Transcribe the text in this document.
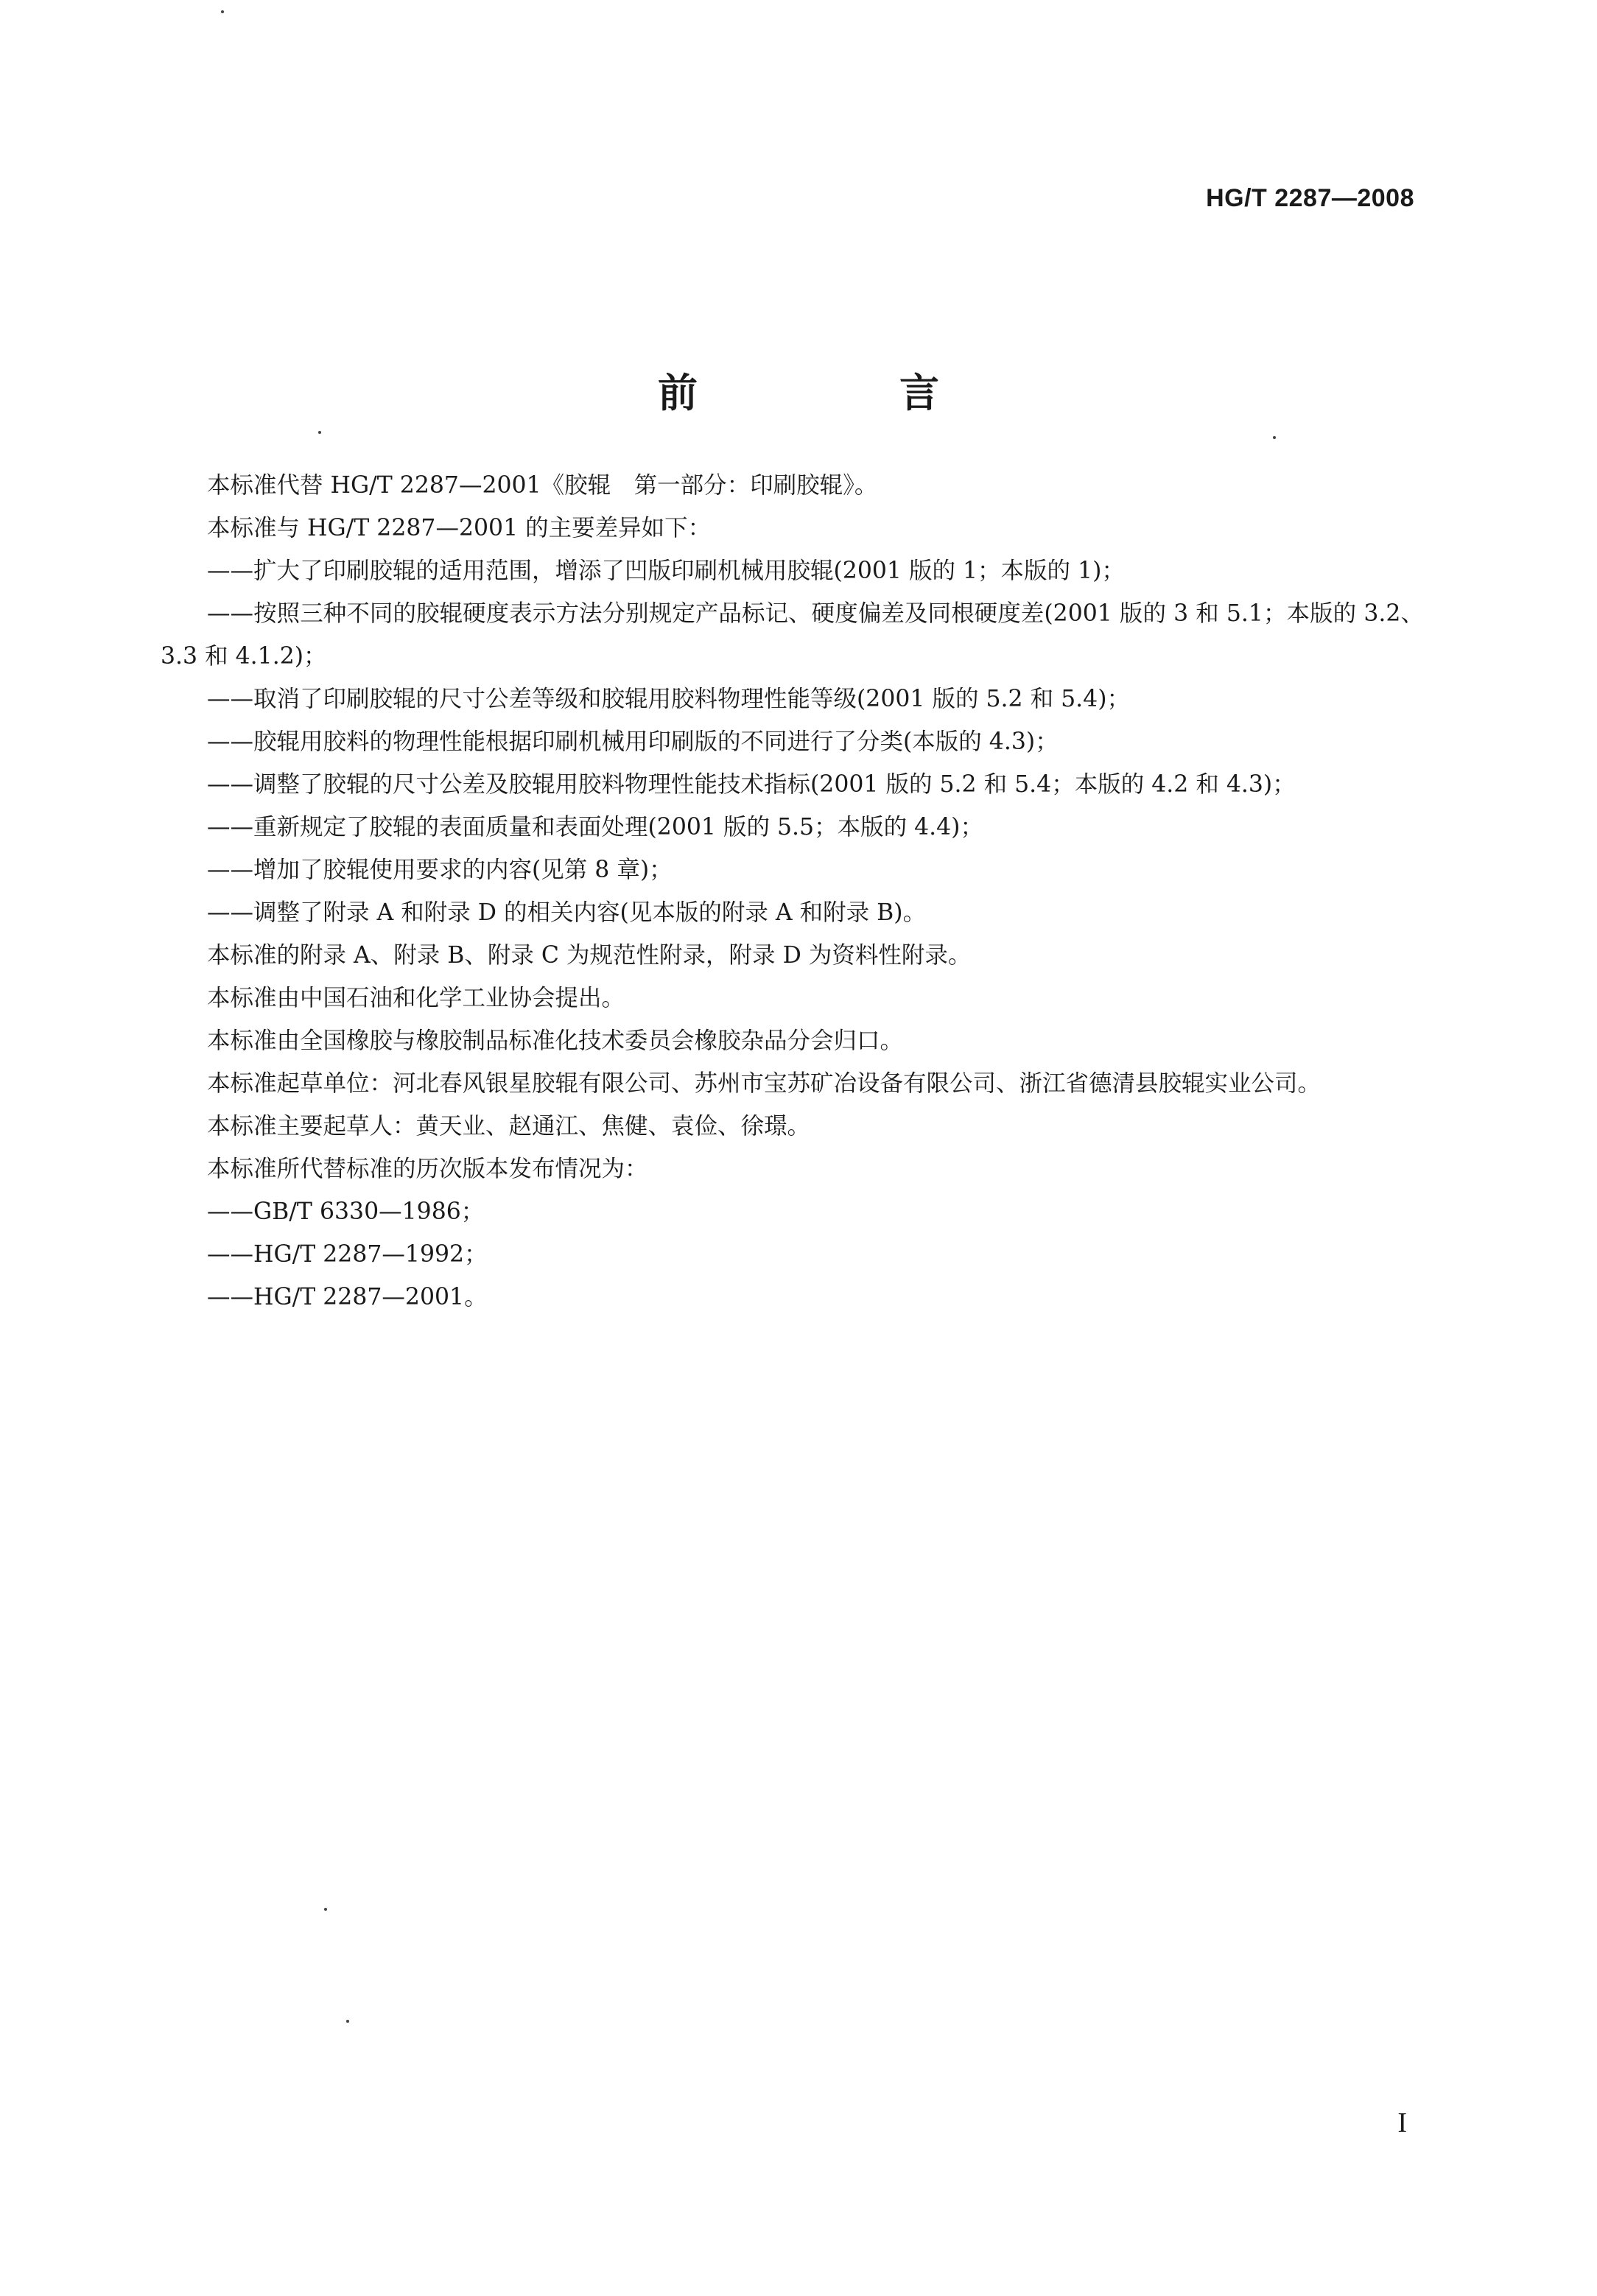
HG/T 2287—2008
前　言

本标准代替 HG/T 2287—2001《胶辊　第一部分：印刷胶辊》。

本标准与 HG/T 2287—2001 的主要差异如下：

——扩大了印刷胶辊的适用范围，增添了凹版印刷机械用胶辊(2001 版的 1；本版的 1)；

——按照三种不同的胶辊硬度表示方法分别规定产品标记、硬度偏差及同根硬度差(2001 版的 3 和 5.1；本版的 3.2、3.3 和 4.1.2)；

——取消了印刷胶辊的尺寸公差等级和胶辊用胶料物理性能等级(2001 版的 5.2 和 5.4)；

——胶辊用胶料的物理性能根据印刷机械用印刷版的不同进行了分类(本版的 4.3)；

——调整了胶辊的尺寸公差及胶辊用胶料物理性能技术指标(2001 版的 5.2 和 5.4；本版的 4.2 和 4.3)；

——重新规定了胶辊的表面质量和表面处理(2001 版的 5.5；本版的 4.4)；

——增加了胶辊使用要求的内容(见第 8 章)；

——调整了附录 A 和附录 D 的相关内容(见本版的附录 A 和附录 B)。

本标准的附录 A、附录 B、附录 C 为规范性附录，附录 D 为资料性附录。

本标准由中国石油和化学工业协会提出。

本标准由全国橡胶与橡胶制品标准化技术委员会橡胶杂品分会归口。

本标准起草单位：河北春风银星胶辊有限公司、苏州市宝苏矿冶设备有限公司、浙江省德清县胶辊实业公司。

本标准主要起草人：黄天业、赵通江、焦健、袁俭、徐璟。

本标准所代替标准的历次版本发布情况为：

——GB/T 6330—1986；

——HG/T 2287—1992；

——HG/T 2287—2001。

I
